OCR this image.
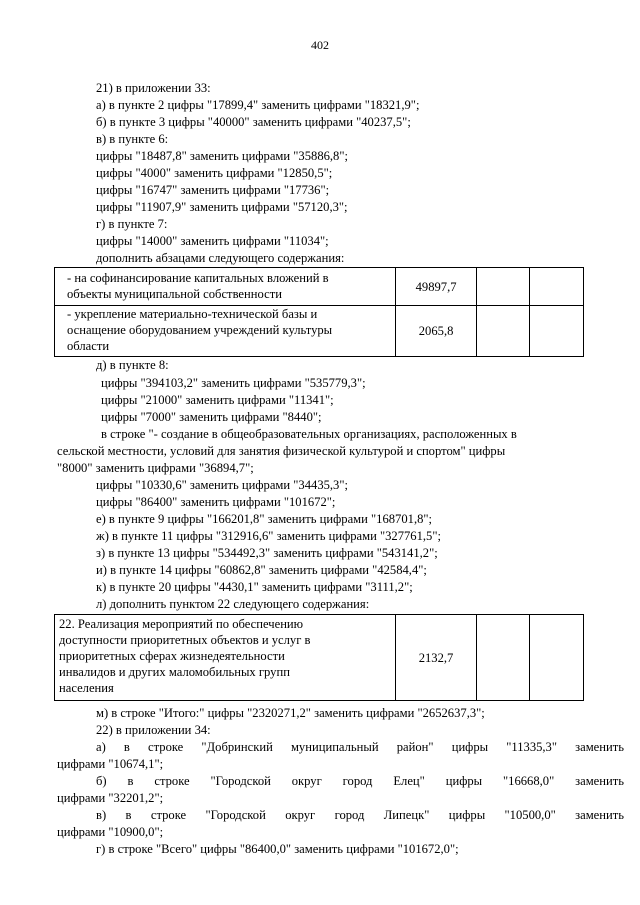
402
21) в приложении 33:
а) в пункте 2 цифры "17899,4" заменить цифрами "18321,9";
б) в пункте 3 цифры "40000" заменить цифрами "40237,5";
в) в пункте 6:
цифры "18487,8" заменить цифрами "35886,8";
цифры "4000" заменить цифрами "12850,5";
цифры "16747" заменить цифрами "17736";
цифры "11907,9" заменить цифрами "57120,3";
г) в пункте 7:
цифры "14000" заменить цифрами "11034";
дополнить абзацами следующего содержания:
- на софинансирование капитальных вложений в
объекты муниципальной собственности	49897,7		

- укрепление материально-технической базы и
оснащение оборудованием учреждений культуры
области	2065,8		
д) в пункте 8:
цифры "394103,2" заменить цифрами "535779,3";
цифры "21000" заменить цифрами "11341";
цифры "7000" заменить цифрами "8440";
в строке "- создание в общеобразовательных организациях, расположенных в
сельской местности, условий для занятия физической культурой и спортом" цифры
"8000" заменить цифрами "36894,7";
цифры "10330,6" заменить цифрами "34435,3";
цифры "86400" заменить цифрами "101672";
е) в пункте 9 цифры "166201,8" заменить цифрами "168701,8";
ж) в пункте 11 цифры "312916,6" заменить цифрами "327761,5";
з) в пункте 13 цифры "534492,3" заменить цифрами "543141,2";
и) в пункте 14 цифры "60862,8" заменить цифрами "42584,4";
к) в пункте 20 цифры "4430,1" заменить цифрами "3111,2";
л) дополнить пунктом 22 следующего содержания:
22. Реализация мероприятий по обеспечению
доступности приоритетных объектов и услуг в
приоритетных сферах жизнедеятельности
инвалидов и других маломобильных групп
населения
	2132,7		
м) в строке "Итого:" цифры "2320271,2" заменить цифрами "2652637,3";
22) в приложении 34:
а) в строке "Добринский муниципальный район" цифры "11335,3" заменить
цифрами "10674,1";
б) в строке "Городской округ город Елец" цифры "16668,0" заменить
цифрами "32201,2";
в) в строке "Городской округ город Липецк" цифры "10500,0" заменить
цифрами "10900,0";
г) в строке "Всего" цифры "86400,0" заменить цифрами "101672,0";
